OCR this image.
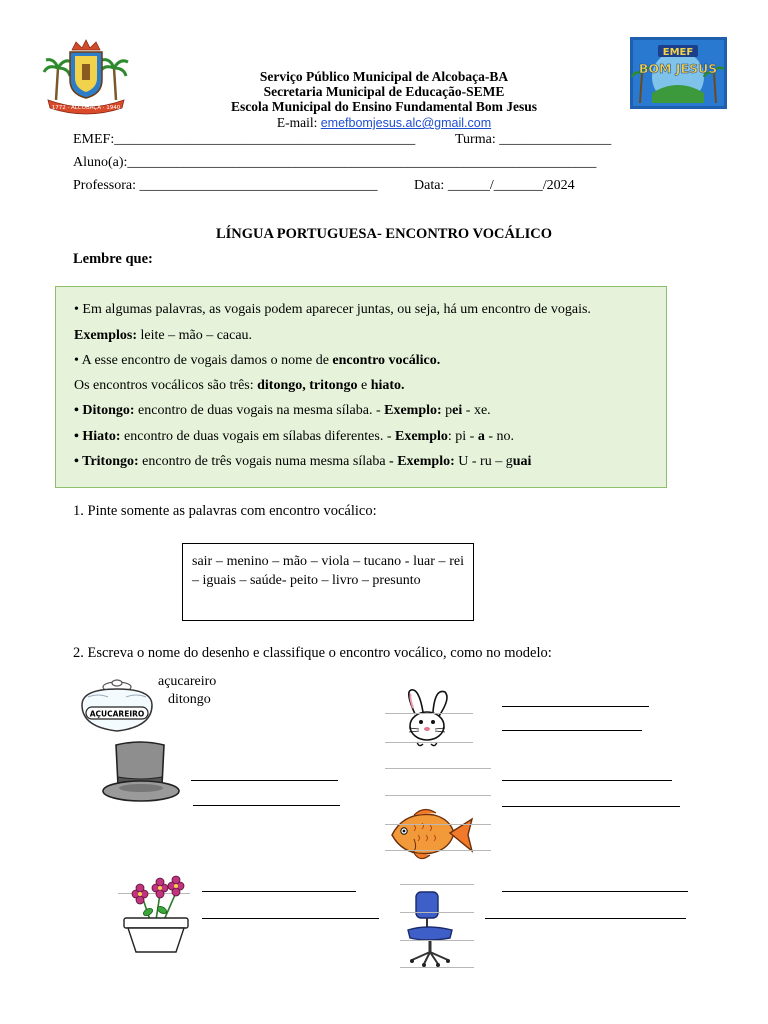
1772 · ALCOBAÇA · 1940
EMEF
BOM JESUS
Serviço Público Municipal de Alcobaça-BA
Secretaria Municipal de Educação-SEME
Escola Municipal do Ensino Fundamental Bom Jesus
E-mail: emefbomjesus.alc@gmail.com
EMEF:___________________________________________	Turma: ________________
Aluno(a):___________________________________________________________________
Professora: __________________________________	Data: ______/_______/2024
LÍNGUA PORTUGUESA- ENCONTRO VOCÁLICO
Lembre que:
• Em algumas palavras, as vogais podem aparecer juntas, ou seja, há um encontro de vogais.
Exemplos: leite – mão – cacau.
• A esse encontro de vogais damos o nome de encontro vocálico.
Os encontros vocálicos são três: ditongo, tritongo e hiato.
• Ditongo: encontro de duas vogais na mesma sílaba. - Exemplo: pei - xe.
• Hiato: encontro de duas vogais em sílabas diferentes. - Exemplo: pi - a - no.
• Tritongo: encontro de três vogais numa mesma sílaba - Exemplo: U - ru – guai
1. Pinte somente as palavras com encontro vocálico:
sair – menino – mão – viola – tucano - luar – rei – iguais – saúde- peito – livro – presunto
2. Escreva o nome do desenho e classifique o encontro vocálico, como no modelo:
AÇUCAREIRO
açucareiro
ditongo
